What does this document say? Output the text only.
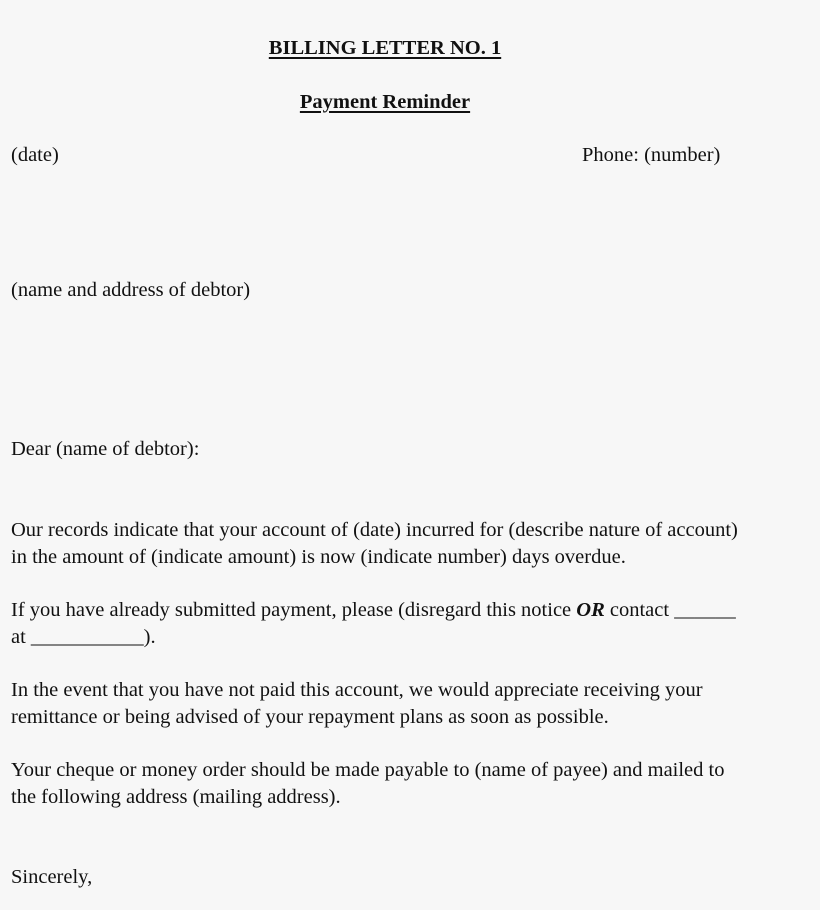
BILLING LETTER NO. 1
Payment Reminder
(date)	Phone: (number)
(name and address of debtor)
Dear (name of debtor):
Our records indicate that your account of (date) incurred for (describe nature of account)
in the amount of (indicate amount) is now (indicate number) days overdue.
If you have already submitted payment, please (disregard this notice OR contact ______
at ___________).
In the event that you have not paid this account, we would appreciate receiving your
remittance or being advised of your repayment plans as soon as possible.
Your cheque or money order should be made payable to (name of payee) and mailed to
the following address (mailing address).
Sincerely,
